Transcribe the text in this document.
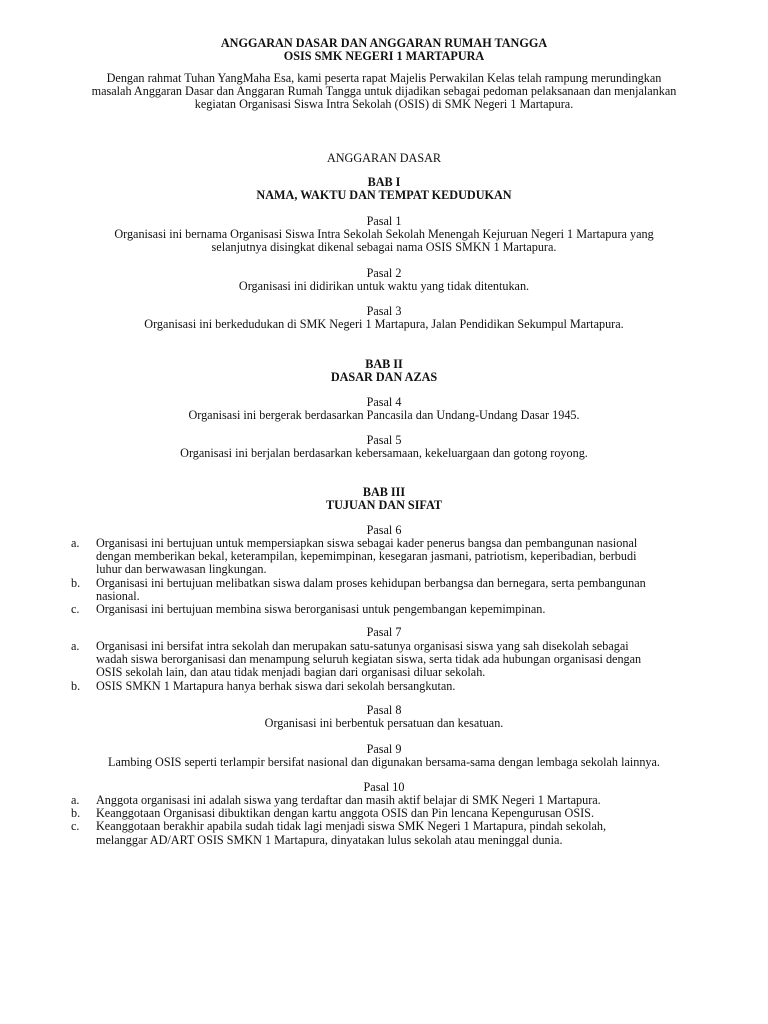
ANGGARAN DASAR DAN ANGGARAN RUMAH TANGGA

OSIS SMK NEGERI 1 MARTAPURA

Dengan rahmat Tuhan YangMaha Esa, kami peserta rapat Majelis Perwakilan Kelas telah rampung merundingkan

masalah Anggaran Dasar dan Anggaran Rumah Tangga untuk dijadikan sebagai pedoman pelaksanaan dan menjalankan

kegiatan Organisasi Siswa Intra Sekolah (OSIS) di SMK Negeri 1 Martapura.

ANGGARAN DASAR

BAB I

NAMA, WAKTU DAN TEMPAT KEDUDUKAN

Pasal 1

Organisasi ini bernama Organisasi Siswa Intra Sekolah Sekolah Menengah Kejuruan Negeri 1 Martapura yang

selanjutnya disingkat dikenal sebagai nama OSIS SMKN 1 Martapura.

Pasal 2

Organisasi ini didirikan untuk waktu yang tidak ditentukan.

Pasal 3

Organisasi ini berkedudukan di SMK Negeri 1 Martapura, Jalan Pendidikan Sekumpul Martapura.

BAB II

DASAR DAN AZAS

Pasal 4

Organisasi ini bergerak berdasarkan Pancasila dan Undang-Undang Dasar 1945.

Pasal 5

Organisasi ini berjalan berdasarkan kebersamaan, kekeluargaan dan gotong royong.

BAB III

TUJUAN DAN SIFAT

Pasal 6
a. Organisasi ini bertujuan untuk mempersiapkan siswa sebagai kader penerus bangsa dan pembangunan nasional

dengan memberikan bekal, keterampilan, kepemimpinan, kesegaran jasmani, patriotism, keperibadian, berbudi

luhur dan berwawasan lingkungan.

b. Organisasi ini bertujuan melibatkan siswa dalam proses kehidupan berbangsa dan bernegara, serta pembangunan

nasional.

c. Organisasi ini bertujuan membina siswa berorganisasi untuk pengembangan kepemimpinan.

Pasal 7
a. Organisasi ini bersifat intra sekolah dan merupakan satu-satunya organisasi siswa yang sah disekolah sebagai

wadah siswa berorganisasi dan menampung seluruh kegiatan siswa, serta tidak ada hubungan organisasi dengan

OSIS sekolah lain, dan atau tidak menjadi bagian dari organisasi diluar sekolah.

b. OSIS SMKN 1 Martapura hanya berhak siswa dari sekolah bersangkutan.

Pasal 8

Organisasi ini berbentuk persatuan dan kesatuan.

Pasal 9

Lambing OSIS seperti terlampir bersifat nasional dan digunakan bersama-sama dengan lembaga sekolah lainnya.

Pasal 10
a. Anggota organisasi ini adalah siswa yang terdaftar dan masih aktif belajar di SMK Negeri 1 Martapura.

b. Keanggotaan Organisasi dibuktikan dengan kartu anggota OSIS dan Pin lencana Kepengurusan OSIS.

c. Keanggotaan berakhir apabila sudah tidak lagi menjadi siswa SMK Negeri 1 Martapura, pindah sekolah,

melanggar AD/ART OSIS SMKN 1 Martapura, dinyatakan lulus sekolah atau meninggal dunia.
